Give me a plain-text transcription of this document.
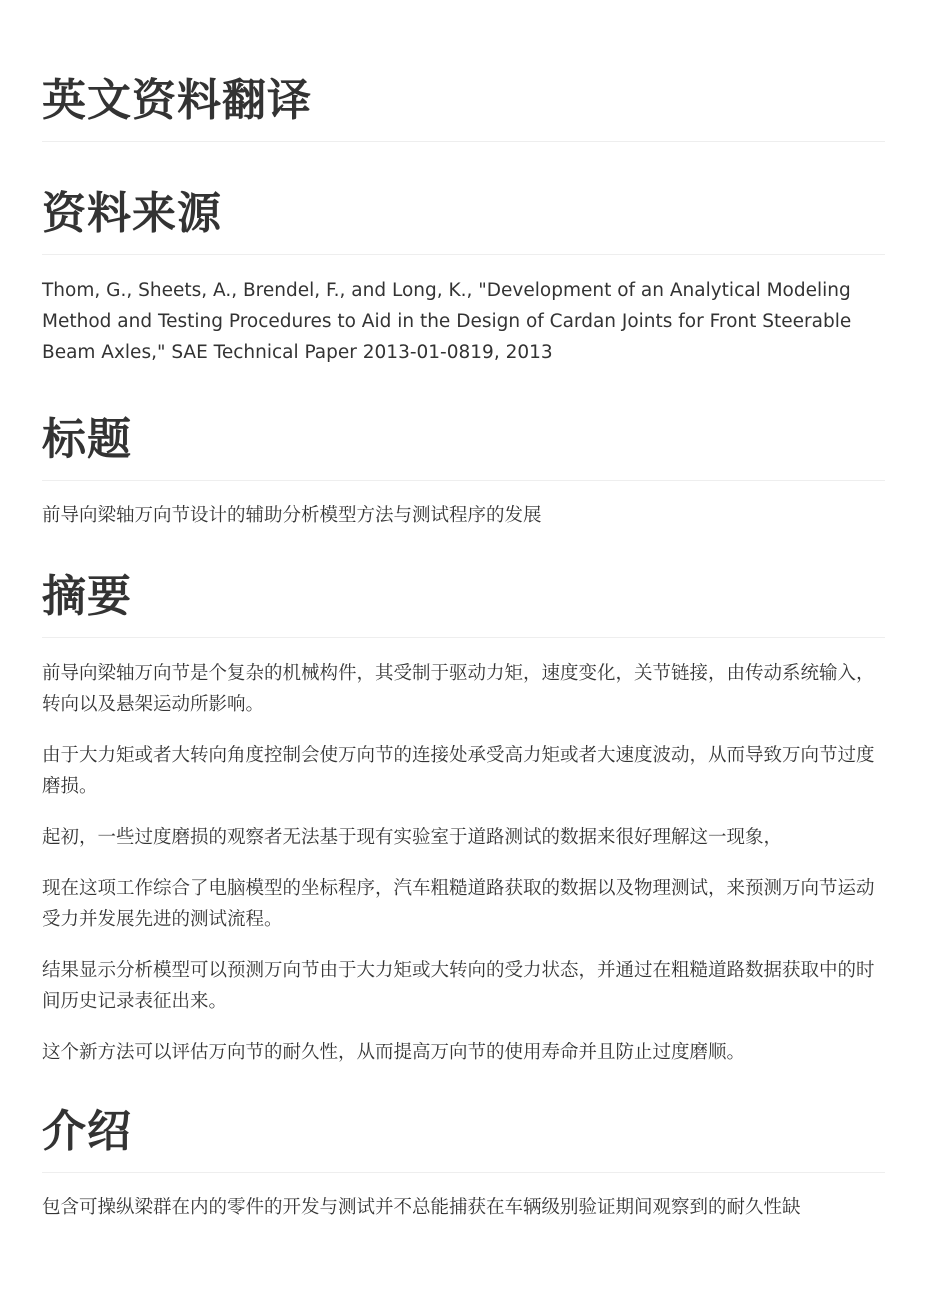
英文资料翻译
资料来源

Thom, G., Sheets, A., Brendel, F., and Long, K., "Development of an Analytical Modeling Method and Testing Procedures to Aid in the Design of Cardan Joints for Front Steerable Beam Axles," SAE Technical Paper 2013-01-0819, 2013

标题

前导向梁轴万向节设计的辅助分析模型方法与测试程序的发展

摘要

前导向梁轴万向节是个复杂的机械构件，其受制于驱动力矩，速度变化，关节链接，由传动系统输入，转向以及悬架运动所影响。

由于大力矩或者大转向角度控制会使万向节的连接处承受高力矩或者大速度波动，从而导致万向节过度磨损。

起初，一些过度磨损的观察者无法基于现有实验室于道路测试的数据来很好理解这一现象，

现在这项工作综合了电脑模型的坐标程序，汽车粗糙道路获取的数据以及物理测试，来预测万向节运动受力并发展先进的测试流程。

结果显示分析模型可以预测万向节由于大力矩或大转向的受力状态，并通过在粗糙道路数据获取中的时间历史记录表征出来。

这个新方法可以评估万向节的耐久性，从而提高万向节的使用寿命并且防止过度磨顺。

介绍

包含可操纵梁群在内的零件的开发与测试并不总能捕获在车辆级别验证期间观察到的耐久性缺
